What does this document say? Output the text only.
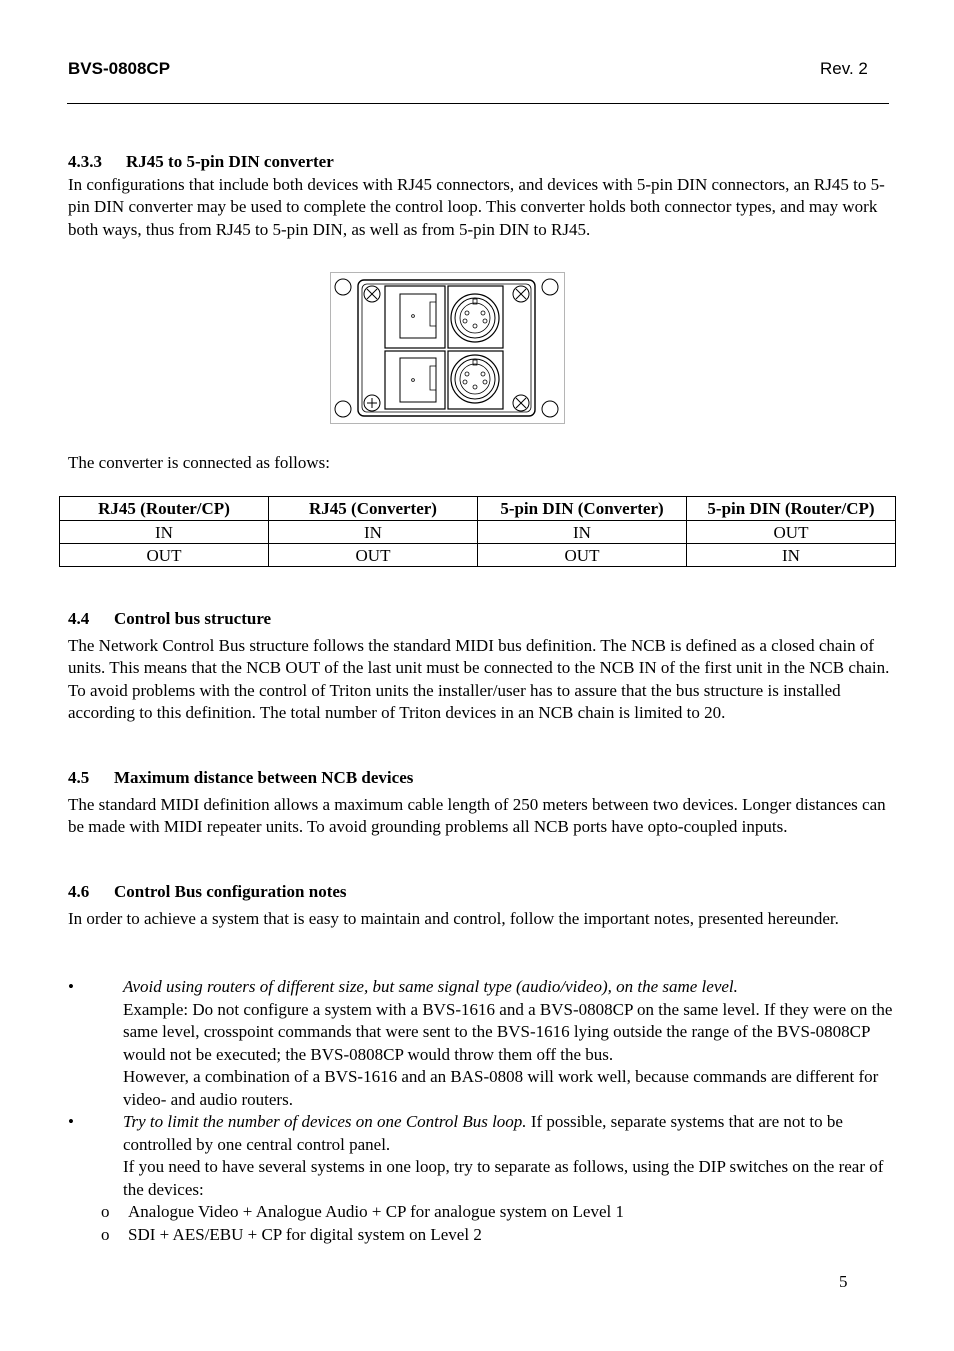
BVS-0808CP	Rev. 2
4.3.3 RJ45 to 5-pin DIN converter

In configurations that include both devices with RJ45 connectors, and devices with 5-pin DIN connectors, an RJ45 to 5-pin DIN converter may be used to complete the control loop. This converter holds both connector types, and may work both ways, thus from RJ45 to 5-pin DIN, as well as from 5-pin DIN to RJ45.

The converter is connected as follows:
RJ45 (Router/CP)	RJ45 (Converter)	5-pin DIN (Converter)	5-pin DIN (Router/CP)
IN	IN	IN	OUT
OUT	OUT	OUT	IN
4.4 Control bus structure

The Network Control Bus structure follows the standard MIDI bus definition. The NCB is defined as a closed chain of units. This means that the NCB OUT of the last unit must be connected to the NCB IN of the first unit in the NCB chain. To avoid problems with the control of Triton units the installer/user has to assure that the bus structure is installed according to this definition. The total number of Triton devices in an NCB chain is limited to 20.

4.5 Maximum distance between NCB devices

The standard MIDI definition allows a maximum cable length of 250 meters between two devices. Longer distances can be made with MIDI repeater units. To avoid grounding problems all NCB ports have opto-coupled inputs.

4.6 Control Bus configuration notes

In order to achieve a system that is easy to maintain and control, follow the important notes, presented hereunder.

•	Avoid using routers of different size, but same signal type (audio/video), on the same level.

Example: Do not configure a system with a BVS-1616 and a BVS-0808CP on the same level. If they were on the same level, crosspoint commands that were sent to the BVS-1616 lying outside the range of the BVS-0808CP would not be executed; the BVS-0808CP would throw them off the bus.

However, a combination of a BVS-1616 and an BAS-0808 will work well, because commands are different for video- and audio routers.

•	Try to limit the number of devices on one Control Bus loop. If possible, separate systems that are not to be controlled by one central control panel.

If you need to have several systems in one loop, try to separate as follows, using the DIP switches on the rear of the devices:

o Analogue Video + Analogue Audio + CP for analogue system on Level 1
o SDI + AES/EBU + CP for digital system on Level 2
5
